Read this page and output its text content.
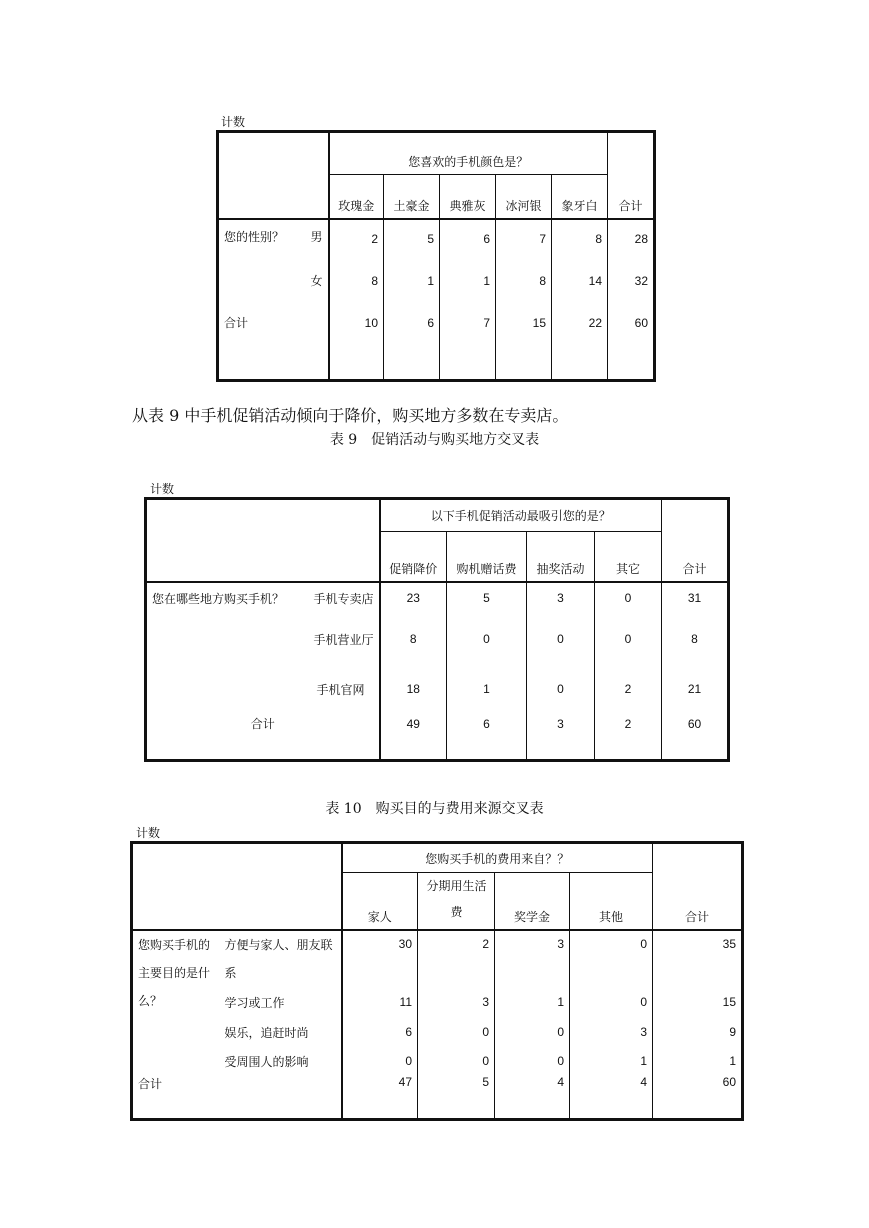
计数
	您喜欢的手机颜色是？					合计
	玫瑰金	土豪金	典雅灰	冰河银	象牙白	
您的性别？ 男	2	5	6	7	8	28
女	8	1	1	8	14	32
合计	10	6	7	15	22	60

从表 9 中手机促销活动倾向于降价，购买地方多数在专卖店。
表 9　促销活动与购买地方交叉表
计数
	以下手机促销活动最吸引您的是？				合计
	促销降价	购机赠话费	抽奖活动	其它	
您在哪些地方购买手机？ 手机专卖店	23	5	3	0	31
手机营业厅	8	0	0	0	8
手机官网	18	1	0	2	21
合计	49	6	3	2	60

表 10　购买目的与费用来源交叉表
计数
		您购买手机的费用来自？？				合计
		家人	分期用生活费	奖学金	其他	
您购买手机的主要目的是什么？	方便与家人、朋友联系	30	2	3	0	35
	学习或工作	11	3	1	0	15
	娱乐，追赶时尚	6	0	0	3	9
	受周围人的影响	0	0	0	1	1
合计		47	5	4	4	60
